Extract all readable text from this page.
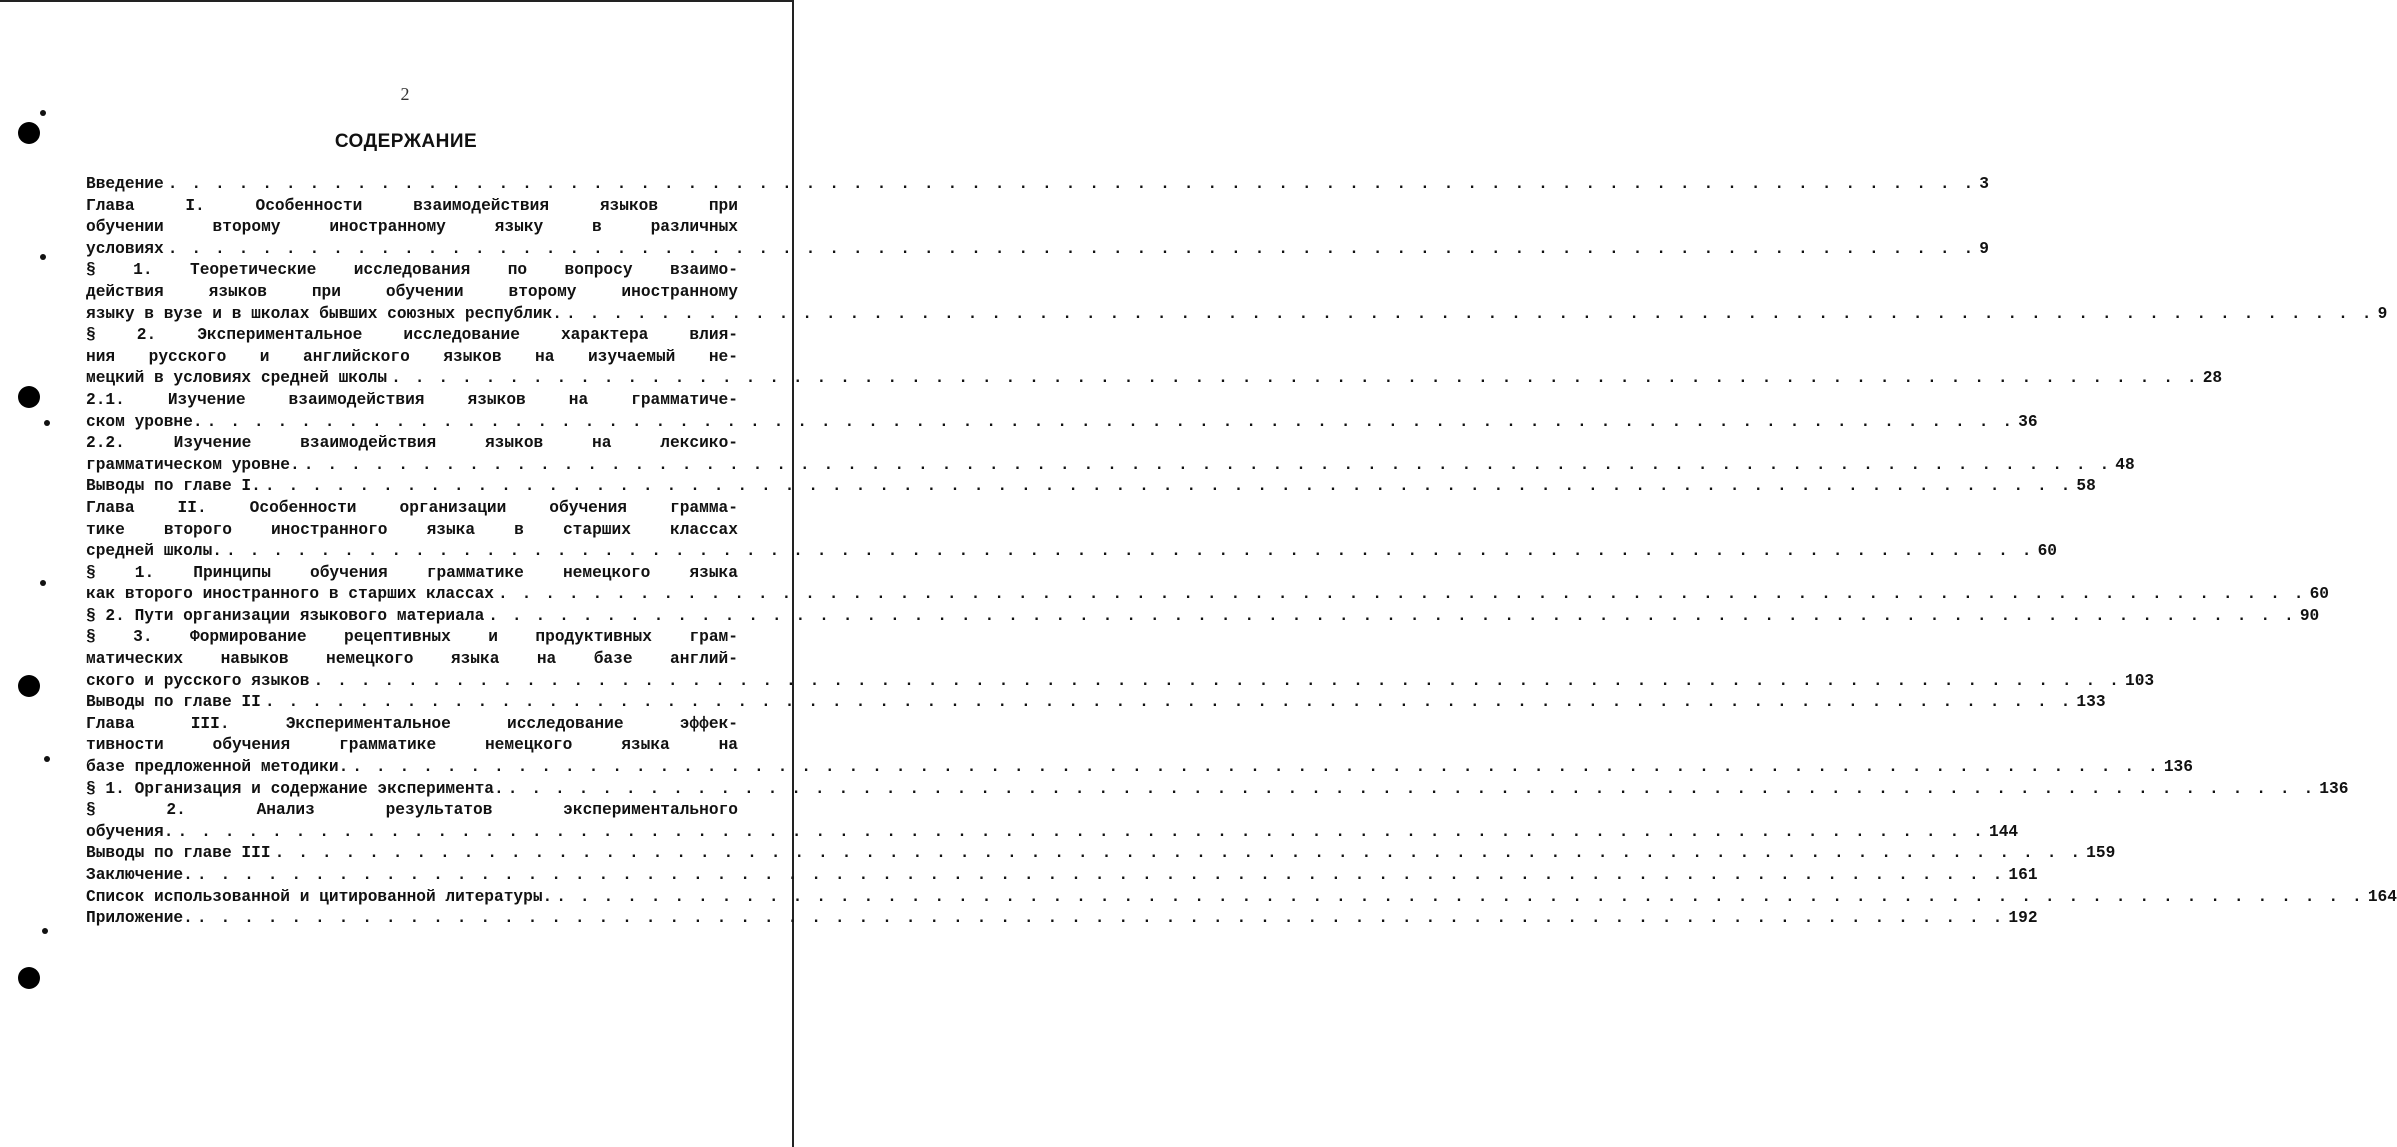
2
СОДЕРЖАНИЕ
Введение . . . . . . . . . . . . . . . . . . . . . . . . . . . . . . . . . . . . . . . . . . . . . . . . . . . . . . . . . . . . . . . . . . . . . . . . . . . . . 3
Глава I. Особенности взаимодействия языков при
обучении второму иностранному языку в различных
условиях . . . . . . . . . . . . . . . . . . . . . . . . . . . . . . . . . . . . . . . . . . . . . . . . . . . . . . . . . . . . . . . . . . . . . . . . . . . . . 9
§ 1. Теоретические исследования по вопросу взаимо-
действия языков при обучении второму иностранному
языку в вузе и в школах бывших союзных республик. . . . . . . . . . . . . . . . . . . . . . . . . . . . . . . . . . . . . . . . . . . . . . . . . . . . . . . . . . . . . . . . . . . . . . . . . . . . . . 9
§ 2. Экспериментальное исследование характера влия-
ния русского и английского языков на изучаемый не-
мецкий в условиях средней школы . . . . . . . . . . . . . . . . . . . . . . . . . . . . . . . . . . . . . . . . . . . . . . . . . . . . . . . . . . . . . . . . . . . . . . . . . . . . . 28
2.1. Изучение взаимодействия языков на грамматиче-
ском уровне. . . . . . . . . . . . . . . . . . . . . . . . . . . . . . . . . . . . . . . . . . . . . . . . . . . . . . . . . . . . . . . . . . . . . . . . . . . . . . 36
2.2. Изучение взаимодействия языков на лексико-
грамматическом уровне. . . . . . . . . . . . . . . . . . . . . . . . . . . . . . . . . . . . . . . . . . . . . . . . . . . . . . . . . . . . . . . . . . . . . . . . . . . . . . 48
Выводы по главе I. . . . . . . . . . . . . . . . . . . . . . . . . . . . . . . . . . . . . . . . . . . . . . . . . . . . . . . . . . . . . . . . . . . . . . . . . . . . . . 58
Глава II. Особенности организации обучения грамма-
тике второго иностранного языка в старших классах
средней школы. . . . . . . . . . . . . . . . . . . . . . . . . . . . . . . . . . . . . . . . . . . . . . . . . . . . . . . . . . . . . . . . . . . . . . . . . . . . . . 60
§ 1. Принципы обучения грамматике немецкого языка
как второго иностранного в старших классах . . . . . . . . . . . . . . . . . . . . . . . . . . . . . . . . . . . . . . . . . . . . . . . . . . . . . . . . . . . . . . . . . . . . . . . . . . . . . 60
§ 2. Пути организации языкового материала . . . . . . . . . . . . . . . . . . . . . . . . . . . . . . . . . . . . . . . . . . . . . . . . . . . . . . . . . . . . . . . . . . . . . . . . . . . . . 90
§ 3. Формирование рецептивных и продуктивных грам-
матических навыков немецкого языка на базе англий-
ского и русского языков . . . . . . . . . . . . . . . . . . . . . . . . . . . . . . . . . . . . . . . . . . . . . . . . . . . . . . . . . . . . . . . . . . . . . . . . . . . . . 103
Выводы по главе II . . . . . . . . . . . . . . . . . . . . . . . . . . . . . . . . . . . . . . . . . . . . . . . . . . . . . . . . . . . . . . . . . . . . . . . . . . . . . 133
Глава III. Экспериментальное исследование эффек-
тивности обучения грамматике немецкого языка на
базе предложенной методики. . . . . . . . . . . . . . . . . . . . . . . . . . . . . . . . . . . . . . . . . . . . . . . . . . . . . . . . . . . . . . . . . . . . . . . . . . . . . . 136
§ 1. Организация и содержание эксперимента. . . . . . . . . . . . . . . . . . . . . . . . . . . . . . . . . . . . . . . . . . . . . . . . . . . . . . . . . . . . . . . . . . . . . . . . . . . . . . 136
§ 2. Анализ результатов экспериментального
обучения. . . . . . . . . . . . . . . . . . . . . . . . . . . . . . . . . . . . . . . . . . . . . . . . . . . . . . . . . . . . . . . . . . . . . . . . . . . . . . 144
Выводы по главе III . . . . . . . . . . . . . . . . . . . . . . . . . . . . . . . . . . . . . . . . . . . . . . . . . . . . . . . . . . . . . . . . . . . . . . . . . . . . . 159
Заключение. . . . . . . . . . . . . . . . . . . . . . . . . . . . . . . . . . . . . . . . . . . . . . . . . . . . . . . . . . . . . . . . . . . . . . . . . . . . . . 161
Список использованной и цитированной литературы. . . . . . . . . . . . . . . . . . . . . . . . . . . . . . . . . . . . . . . . . . . . . . . . . . . . . . . . . . . . . . . . . . . . . . . . . . . . . . 164
Приложение. . . . . . . . . . . . . . . . . . . . . . . . . . . . . . . . . . . . . . . . . . . . . . . . . . . . . . . . . . . . . . . . . . . . . . . . . . . . . . 192
